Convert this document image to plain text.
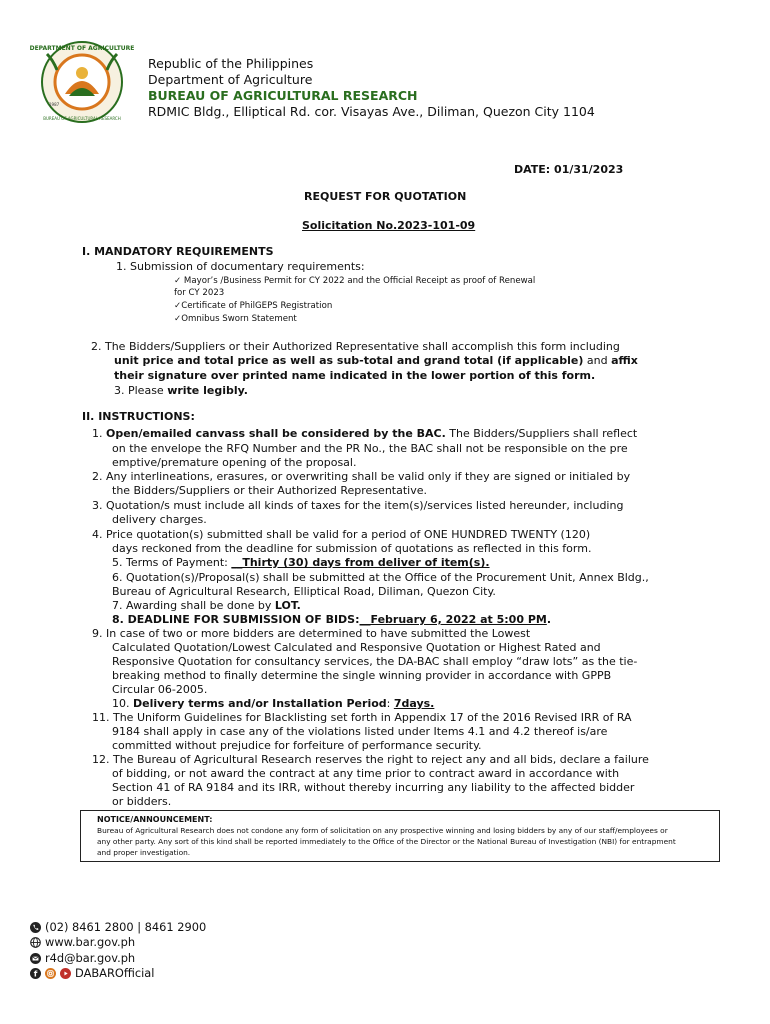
DEPARTMENT OF AGRICULTURE
BUREAU OF AGRICULTURAL RESEARCH
1987
Republic of the Philippines
Department of Agriculture
BUREAU OF AGRICULTURAL RESEARCH
RDMIC Bldg., Elliptical Rd. cor. Visayas Ave., Diliman, Quezon City 1104
DATE: 01/31/2023
REQUEST FOR QUOTATION
Solicitation No.2023-101-09
I. MANDATORY REQUIREMENTS
1. Submission of documentary requirements:
✓ Mayor’s /Business Permit for CY 2022 and the Official Receipt as proof of Renewal
for CY 2023
✓Certificate of PhilGEPS Registration
✓Omnibus Sworn Statement
2. The Bidders/Suppliers or their Authorized Representative shall accomplish this form including
unit price and total price as well as sub-total and grand total (if applicable) and affix
their signature over printed name indicated in the lower portion of this form.
3. Please write legibly.
II. INSTRUCTIONS:
1. Open/emailed canvass shall be considered by the BAC. The Bidders/Suppliers shall reflect
on the envelope the RFQ Number and the PR No., the BAC shall not be responsible on the pre
emptive/premature opening of the proposal.
2. Any interlineations, erasures, or overwriting shall be valid only if they are signed or initialed by
the Bidders/Suppliers or their Authorized Representative.
3. Quotation/s must include all kinds of taxes for the item(s)/services listed hereunder, including
delivery charges.
4. Price quotation(s) submitted shall be valid for a period of ONE HUNDRED TWENTY (120)
days reckoned from the deadline for submission of quotations as reflected in this form.
5. Terms of Payment: __Thirty (30) days from deliver of item(s).
6. Quotation(s)/Proposal(s) shall be submitted at the Office of the Procurement Unit, Annex Bldg.,
Bureau of Agricultural Research, Elliptical Road, Diliman, Quezon City.
7. Awarding shall be done by LOT.
8. DEADLINE FOR SUBMISSION OF BIDS:__February 6, 2022 at 5:00 PM.
9. In case of two or more bidders are determined to have submitted the Lowest
Calculated Quotation/Lowest Calculated and Responsive Quotation or Highest Rated and
Responsive Quotation for consultancy services, the DA-BAC shall employ “draw lots” as the tie-
breaking method to finally determine the single winning provider in accordance with GPPB
Circular 06-2005.
10. Delivery terms and/or Installation Period: 7days.
11. The Uniform Guidelines for Blacklisting set forth in Appendix 17 of the 2016 Revised IRR of RA
9184 shall apply in case any of the violations listed under Items 4.1 and 4.2 thereof is/are
committed without prejudice for forfeiture of performance security.
12. The Bureau of Agricultural Research reserves the right to reject any and all bids, declare a failure
of bidding, or not award the contract at any time prior to contract award in accordance with
Section 41 of RA 9184 and its IRR, without thereby incurring any liability to the affected bidder
or bidders.
NOTICE/ANNOUNCEMENT:
Bureau of Agricultural Research does not condone any form of solicitation on any prospective winning and losing bidders by any of our staff/employees or
any other party. Any sort of this kind shall be reported immediately to the Office of the Director or the National Bureau of Investigation (NBI) for entrapment
and proper investigation.
(02) 8461 2800 | 8461 2900
www.bar.gov.ph
r4d@bar.gov.ph
f	DABAROfficial
